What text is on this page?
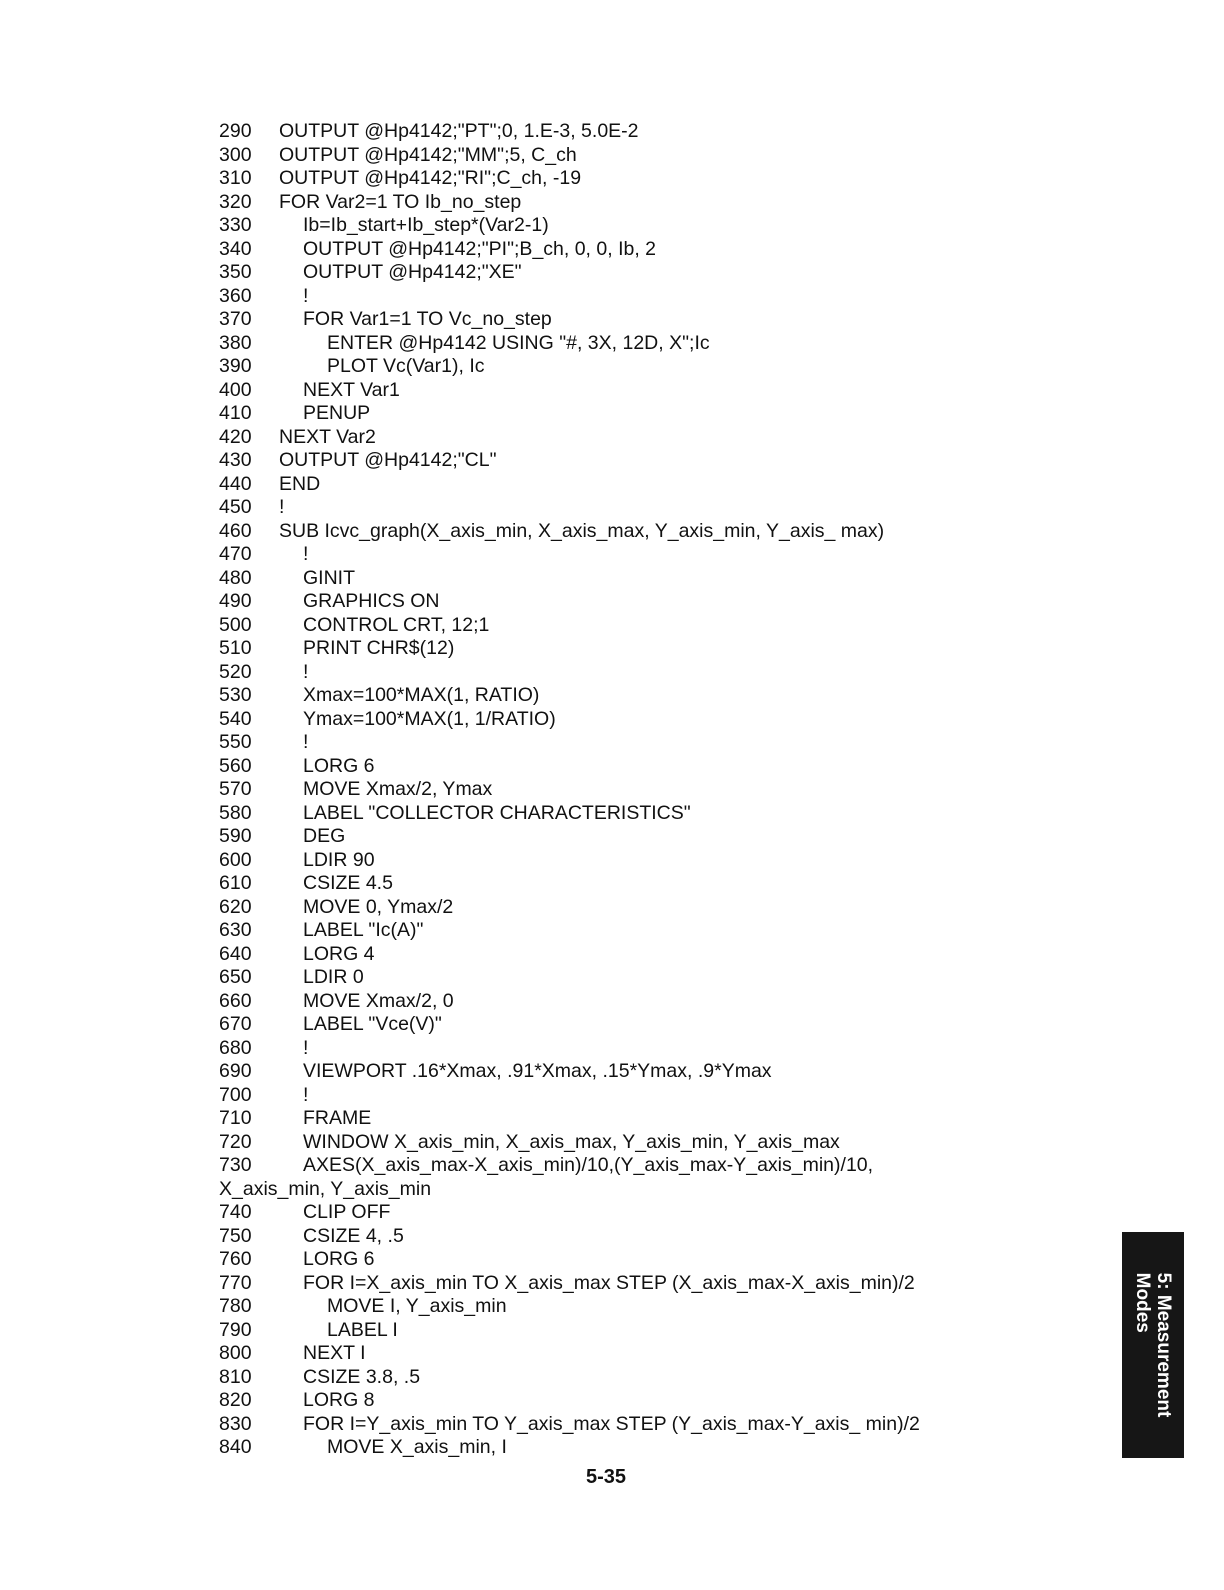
290 OUTPUT @Hp4142;"PT";0, 1.E-3, 5.0E-2
300 OUTPUT @Hp4142;"MM";5, C_ch
310 OUTPUT @Hp4142;"RI";C_ch, -19
320 FOR Var2=1 TO Ib_no_step
330	Ib=Ib_start+Ib_step*(Var2-1)
340	OUTPUT @Hp4142;"PI";B_ch, 0, 0, Ib, 2
350	OUTPUT @Hp4142;"XE"
360	!
370	FOR Var1=1 TO Vc_no_step
380	ENTER @Hp4142 USING "#, 3X, 12D, X";Ic
390	PLOT Vc(Var1), Ic
400	NEXT Var1
410	PENUP
420 NEXT Var2
430 OUTPUT @Hp4142;"CL"
440 END
450 !
460 SUB Icvc_graph(X_axis_min, X_axis_max, Y_axis_min, Y_axis_ max)
470	!
480	GINIT
490	GRAPHICS ON
500	CONTROL CRT, 12;1
510	PRINT CHR$(12)
520	!
530	Xmax=100*MAX(1, RATIO)
540	Ymax=100*MAX(1, 1/RATIO)
550	!
560	LORG 6
570	MOVE Xmax/2, Ymax
580	LABEL "COLLECTOR CHARACTERISTICS"
590	DEG
600	LDIR 90
610	CSIZE 4.5
620	MOVE 0, Ymax/2
630	LABEL "Ic(A)"
640	LORG 4
650	LDIR 0
660	MOVE Xmax/2, 0
670	LABEL "Vce(V)"
680	!
690	VIEWPORT .16*Xmax, .91*Xmax, .15*Ymax, .9*Ymax
700	!
710	FRAME
720	WINDOW X_axis_min, X_axis_max, Y_axis_min, Y_axis_max
730	AXES(X_axis_max-X_axis_min)/10,(Y_axis_max-Y_axis_min)/10,
X_axis_min, Y_axis_min
740	CLIP OFF
750	CSIZE 4, .5
760	LORG 6
770	FOR I=X_axis_min TO X_axis_max STEP (X_axis_max-X_axis_min)/2
780	MOVE I, Y_axis_min
790	LABEL I
800	NEXT I
810	CSIZE 3.8, .5
820	LORG 8
830	FOR I=Y_axis_min TO Y_axis_max STEP (Y_axis_max-Y_axis_ min)/2
840	MOVE X_axis_min, I
5-35
5: Measurement
Modes
